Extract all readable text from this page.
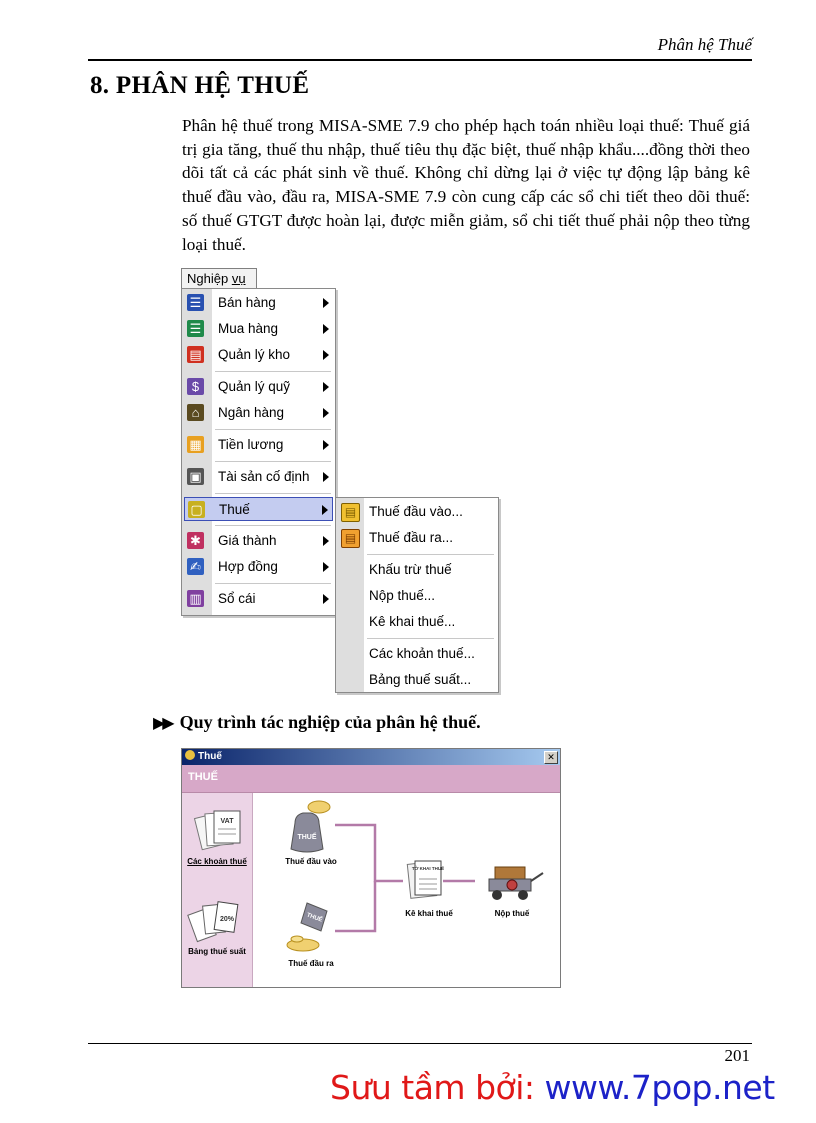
Phân hệ Thuế
8. PHÂN HỆ THUẾ

Phân hệ thuế trong MISA-SME 7.9 cho phép hạch toán nhiều loại thuế: Thuế giá trị gia tăng, thuế thu nhập, thuế tiêu thụ đặc biệt, thuế nhập khẩu....đồng thời theo dõi tất cả các phát sinh về thuế. Không chỉ dừng lại ở việc tự động lập bảng kê thuế đầu vào, đầu ra, MISA-SME 7.9 còn cung cấp các sổ chi tiết theo dõi thuế: số thuế GTGT được hoàn lại, được miễn giảm, sổ chi tiết thuế phải nộp theo từng loại thuế.

Nghiệp vụ
☰ Bán hàng
☰ Mua hàng
▤ Quản lý kho
$	Quản lý quỹ
⌂	Ngân hàng
▦ Tiền lương
▣ Tài sản cố định
▢ Thuế
✱ Giá thành
✍ Hợp đồng
▥ Sổ cái
▤ Thuế đầu vào...
▤ Thuế đầu ra...
Khấu trừ thuế
Nộp thuế...
Kê khai thuế...
Các khoản thuế...
Bảng thuế suất...
▶▶ Quy trình tác nghiệp của phân hệ thuế.
Thuế	✕
THUẾ
VAT
Các khoản thuế
20%
Bảng thuế suất
THUẾ
Thuế đầu vào
THUẾ
Thuế đầu ra
TỜ KHAI THUẾ
Kê khai thuế	Nộp thuế
201
Sưu tầm bởi: www.7pop.net
